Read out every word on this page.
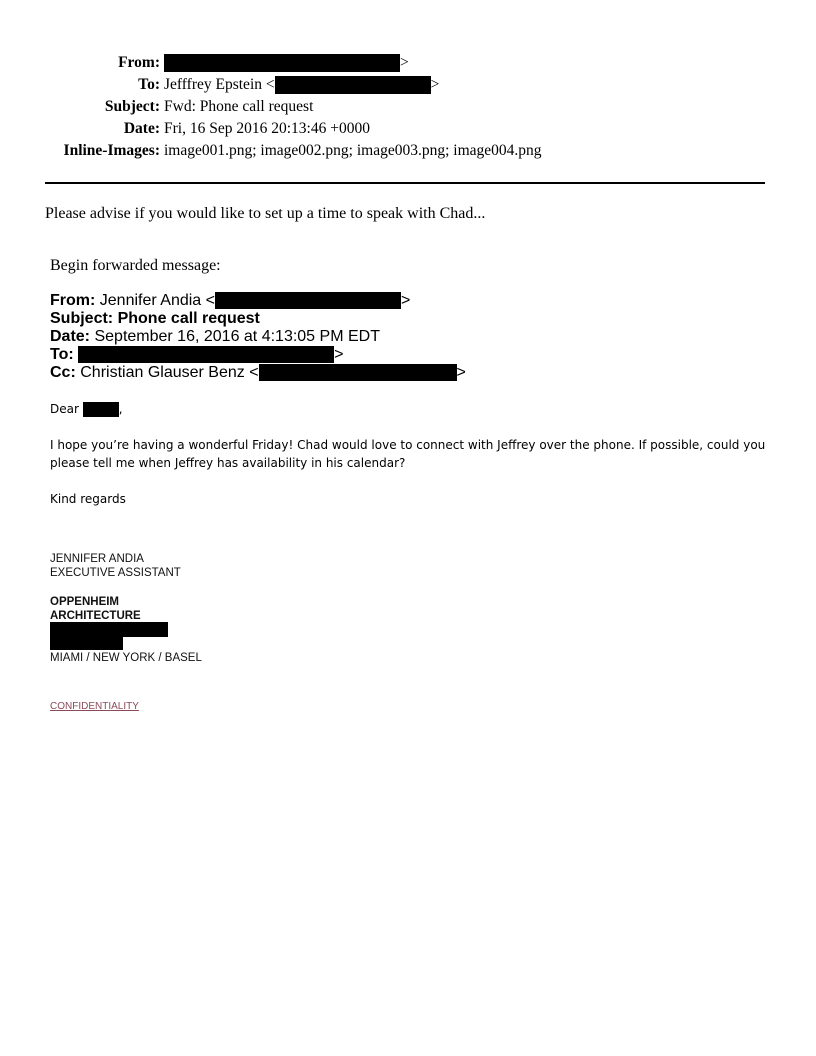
From:	>
To: Jefffrey Epstein <	>
Subject: Fwd: Phone call request
Date: Fri, 16 Sep 2016 20:13:46 +0000
Inline-Images: image001.png; image002.png; image003.png; image004.png
Please advise if you would like to set up a time to speak with Chad...
Begin forwarded message:
From: Jennifer Andia <	>
Subject: Phone call request
Date: September 16, 2016 at 4:13:05 PM EDT
To:	>
Cc: Christian Glauser Benz <	>
Dear	,
I hope you’re having a wonderful Friday! Chad would love to connect with Jeffrey over the phone. If possible, could you please tell me when Jeffrey has availability in his calendar?
Kind regards
JENNIFER ANDIA
EXECUTIVE ASSISTANT
OPPENHEIM
ARCHITECTURE
MIAMI / NEW YORK / BASEL
CONFIDENTIALITY
